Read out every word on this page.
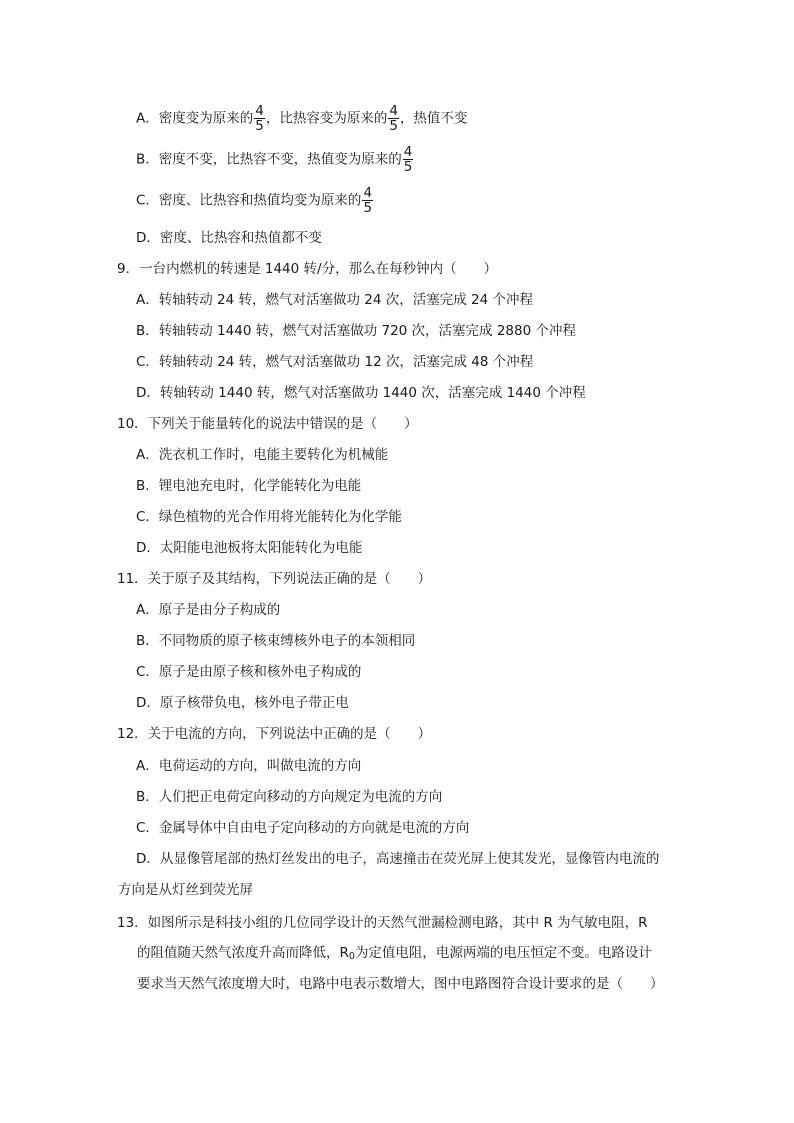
A．密度变为原来的 $\frac{4}{5}$ ，比热容变为原来的 $\frac{4}{5}$ ，热值不变
B．密度不变，比热容不变，热值变为原来的 $\frac{4}{5}$
C．密度、比热容和热值均变为原来的 $\frac{4}{5}$
D．密度、比热容和热值都不变
9．一台内燃机的转速是 1440 转/分，那么在每秒钟内（　　）
A．转轴转动 24 转，燃气对活塞做功 24 次，活塞完成 24 个冲程
B．转轴转动 1440 转，燃气对活塞做功 720 次，活塞完成 2880 个冲程
C．转轴转动 24 转，燃气对活塞做功 12 次，活塞完成 48 个冲程
D．转轴转动 1440 转，燃气对活塞做功 1440 次，活塞完成 1440 个冲程
10．下列关于能量转化的说法中错误的是（　　）
A．洗衣机工作时，电能主要转化为机械能
B．锂电池充电时，化学能转化为电能
C．绿色植物的光合作用将光能转化为化学能
D．太阳能电池板将太阳能转化为电能
11．关于原子及其结构，下列说法正确的是（　　）
A．原子是由分子构成的
B．不同物质的原子核束缚核外电子的本领相同
C．原子是由原子核和核外电子构成的
D．原子核带负电，核外电子带正电
12．关于电流的方向，下列说法中正确的是（　　）
A．电荷运动的方向，叫做电流的方向
B．人们把正电荷定向移动的方向规定为电流的方向
C．金属导体中自由电子定向移动的方向就是电流的方向
D．从显像管尾部的热灯丝发出的电子，高速撞击在荧光屏上使其发光，显像管内电流的
方向是从灯丝到荧光屏
13．如图所示是科技小组的几位同学设计的天然气泄漏检测电路，其中 R 为气敏电阻，R
的阻值随天然气浓度升高而降低，$R_0$为定值电阻，电源两端的电压恒定不变。电路设计
要求当天然气浓度增大时，电路中电表示数增大，图中电路图符合设计要求的是（　　）
